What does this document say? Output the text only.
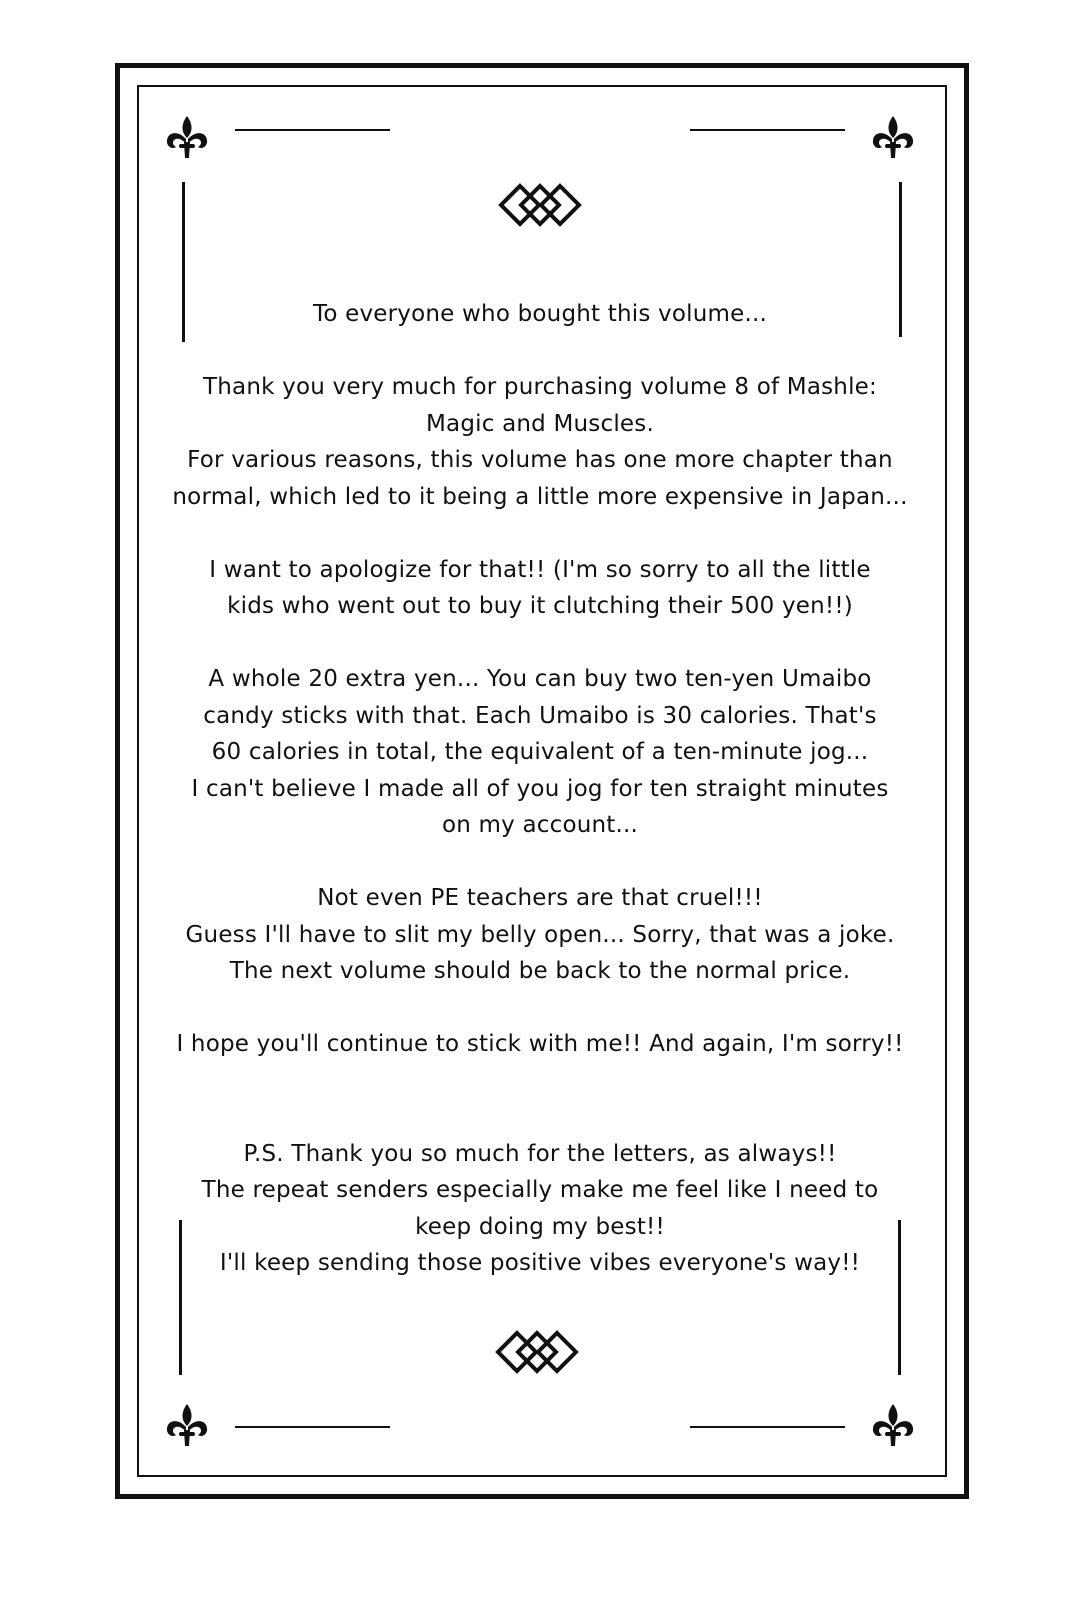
To everyone who bought this volume...
Thank you very much for purchasing volume 8 of Mashle:
Magic and Muscles.
For various reasons, this volume has one more chapter than
normal, which led to it being a little more expensive in Japan...
I want to apologize for that!! (I'm so sorry to all the little
kids who went out to buy it clutching their 500 yen!!)
A whole 20 extra yen... You can buy two ten-yen Umaibo
candy sticks with that. Each Umaibo is 30 calories. That's
60 calories in total, the equivalent of a ten-minute jog...
I can't believe I made all of you jog for ten straight minutes
on my account...
Not even PE teachers are that cruel!!!
Guess I'll have to slit my belly open... Sorry, that was a joke.
The next volume should be back to the normal price.
I hope you'll continue to stick with me!! And again, I'm sorry!!
P.S. Thank you so much for the letters, as always!!
The repeat senders especially make me feel like I need to
keep doing my best!!
I'll keep sending those positive vibes everyone's way!!
